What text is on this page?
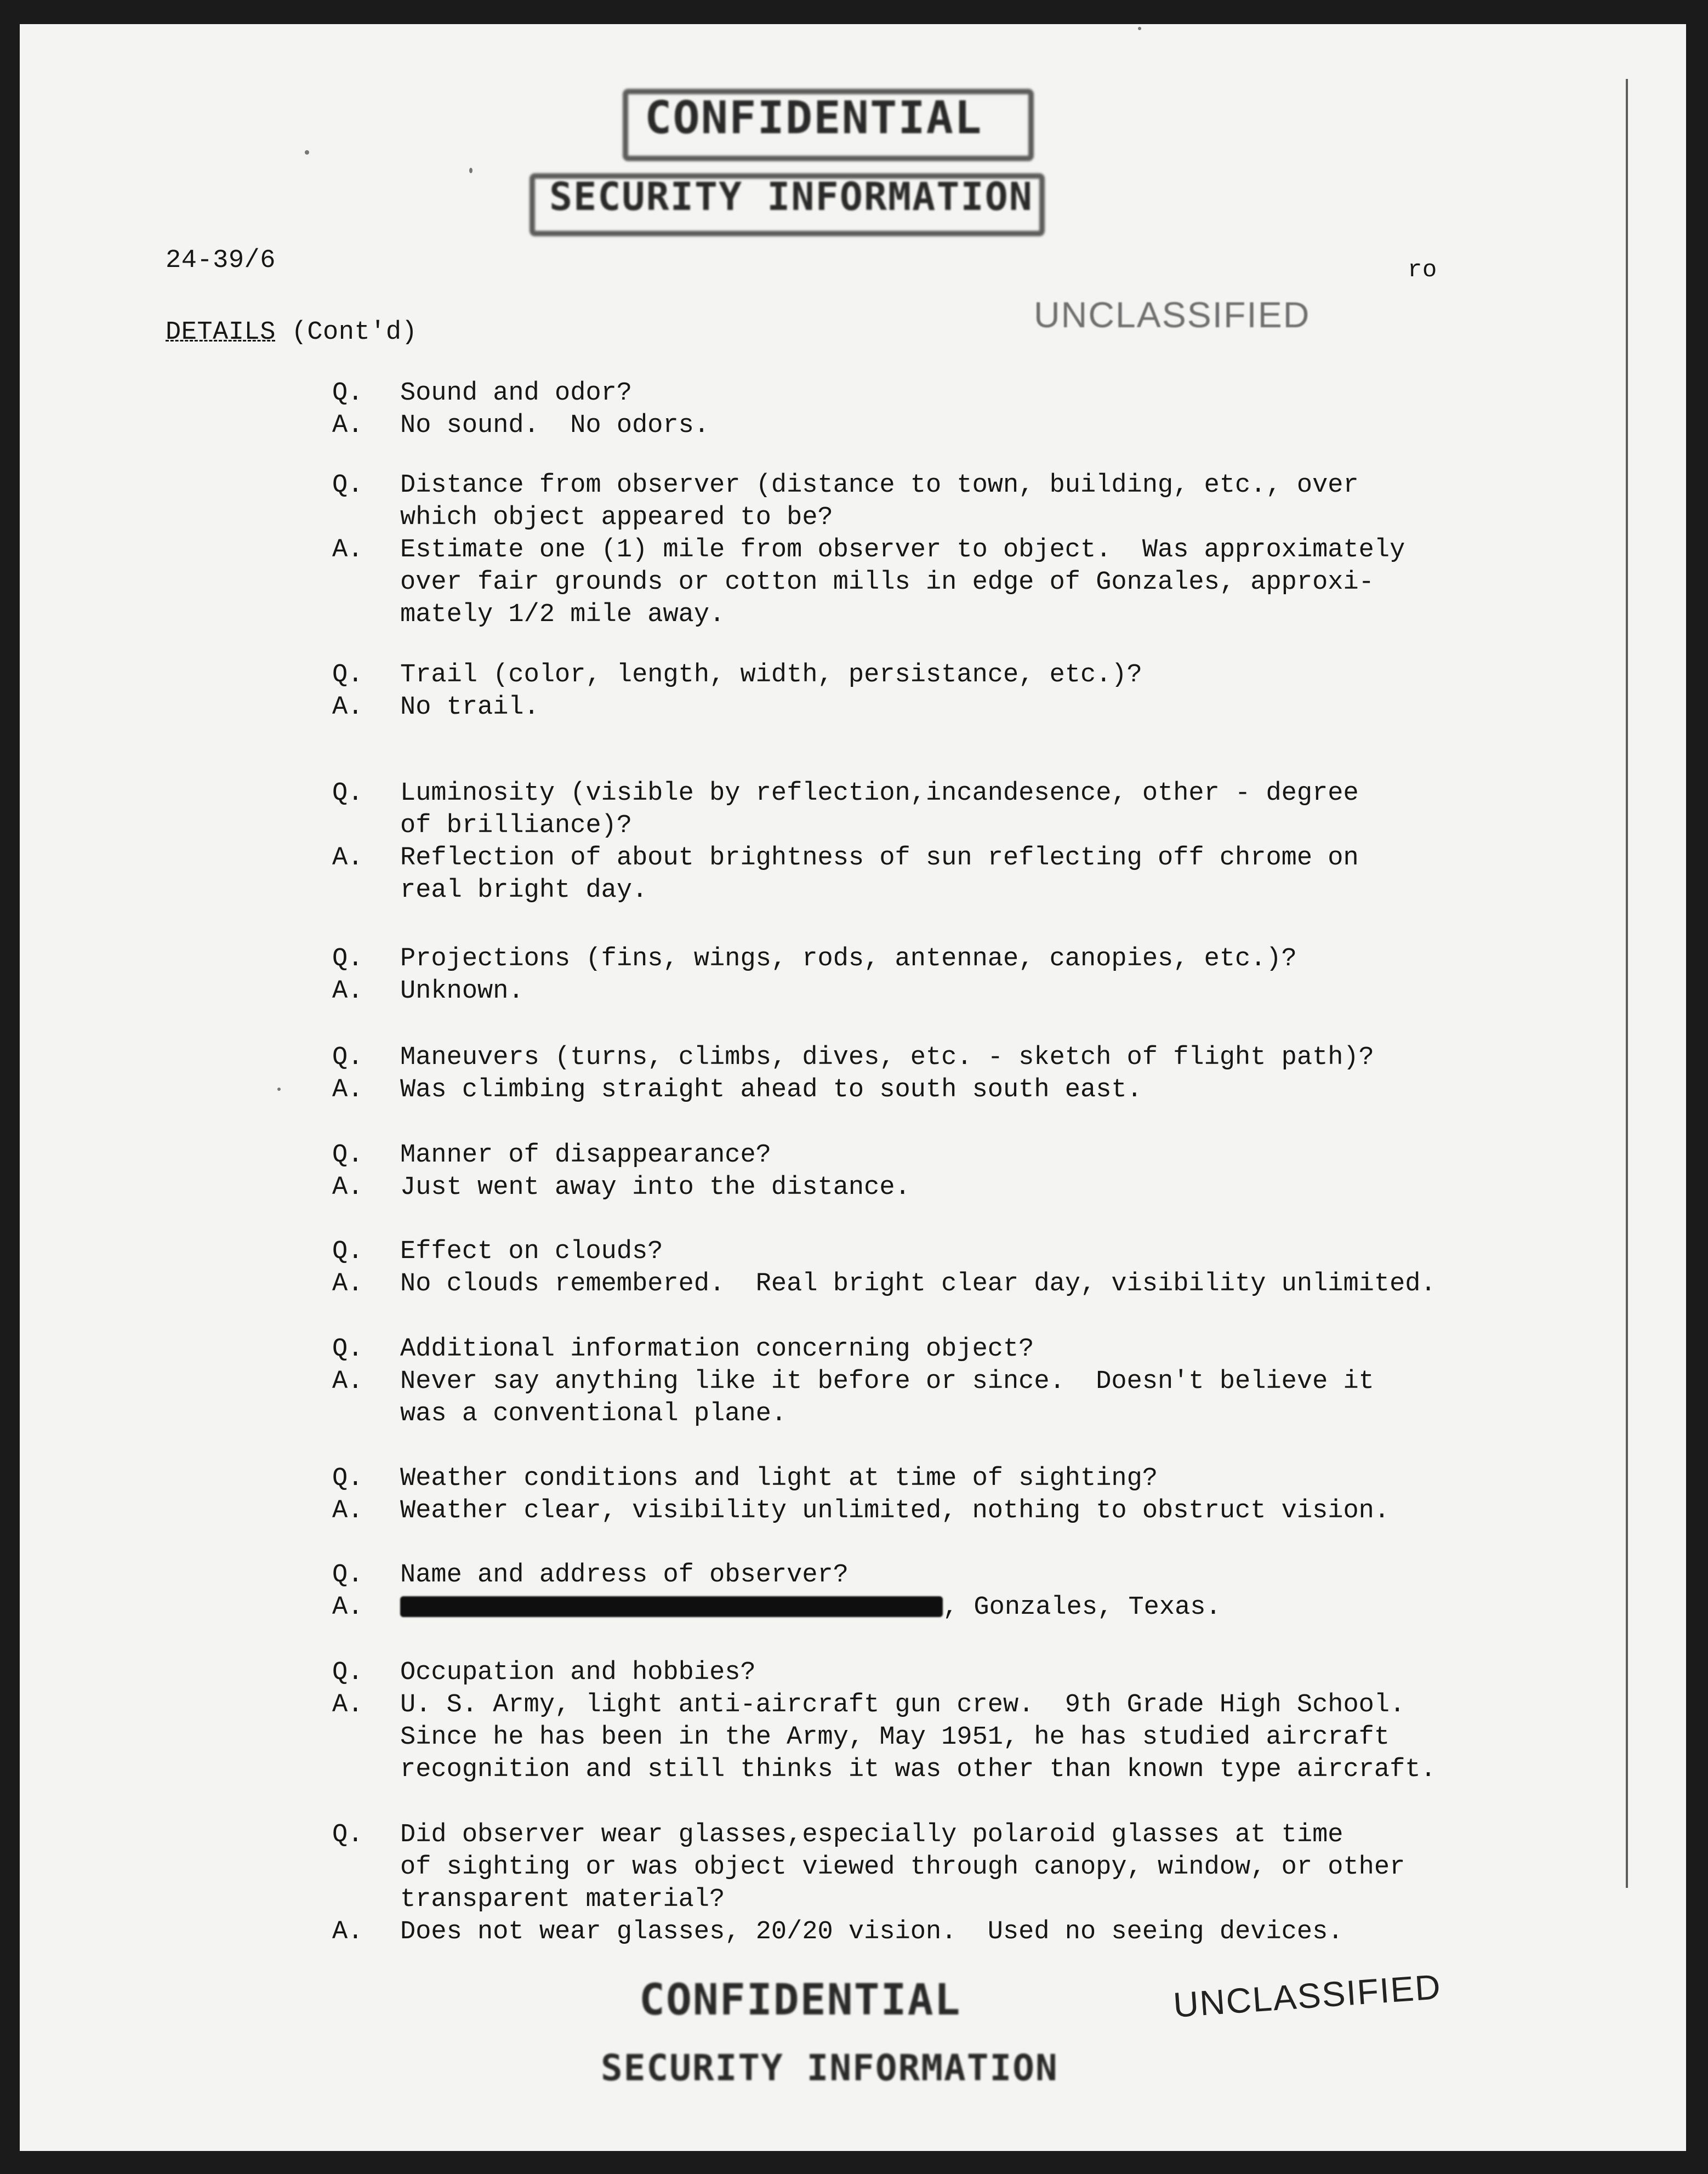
CONFIDENTIAL
SECURITY INFORMATION
24-39/6
UNCLASSIFIED
ro
DETAILS (Cont'd)
Q.	Sound and odor?
A.	No sound.  No odors.
Q.	Distance from observer (distance to town, building, etc., over
which object appeared to be?
A.	Estimate one (1) mile from observer to object.  Was approximately
over fair grounds or cotton mills in edge of Gonzales, approxi-
mately 1/2 mile away.
Q.	Trail (color, length, width, persistance, etc.)?
A.	No trail.
Q.	Luminosity (visible by reflection,incandesence, other - degree
of brilliance)?
A.	Reflection of about brightness of sun reflecting off chrome on
real bright day.
Q.	Projections (fins, wings, rods, antennae, canopies, etc.)?
A.	Unknown.
Q.	Maneuvers (turns, climbs, dives, etc. - sketch of flight path)?
A.	Was climbing straight ahead to south south east.
Q.	Manner of disappearance?
A.	Just went away into the distance.
Q.	Effect on clouds?
A.	No clouds remembered.  Real bright clear day, visibility unlimited.
Q.	Additional information concerning object?
A.	Never say anything like it before or since.  Doesn't believe it
was a conventional plane.
Q.	Weather conditions and light at time of sighting?
A.	Weather clear, visibility unlimited, nothing to obstruct vision.
Q.	Name and address of observer?
A.	, Gonzales, Texas.
Q.	Occupation and hobbies?
A.	U. S. Army, light anti-aircraft gun crew.  9th Grade High School.
Since he has been in the Army, May 1951, he has studied aircraft
recognition and still thinks it was other than known type aircraft.
Q.	Did observer wear glasses,especially polaroid glasses at time
of sighting or was object viewed through canopy, window, or other
transparent material?
A.	Does not wear glasses, 20/20 vision.  Used no seeing devices.
CONFIDENTIAL
SECURITY INFORMATION
UNCLASSIFIED
